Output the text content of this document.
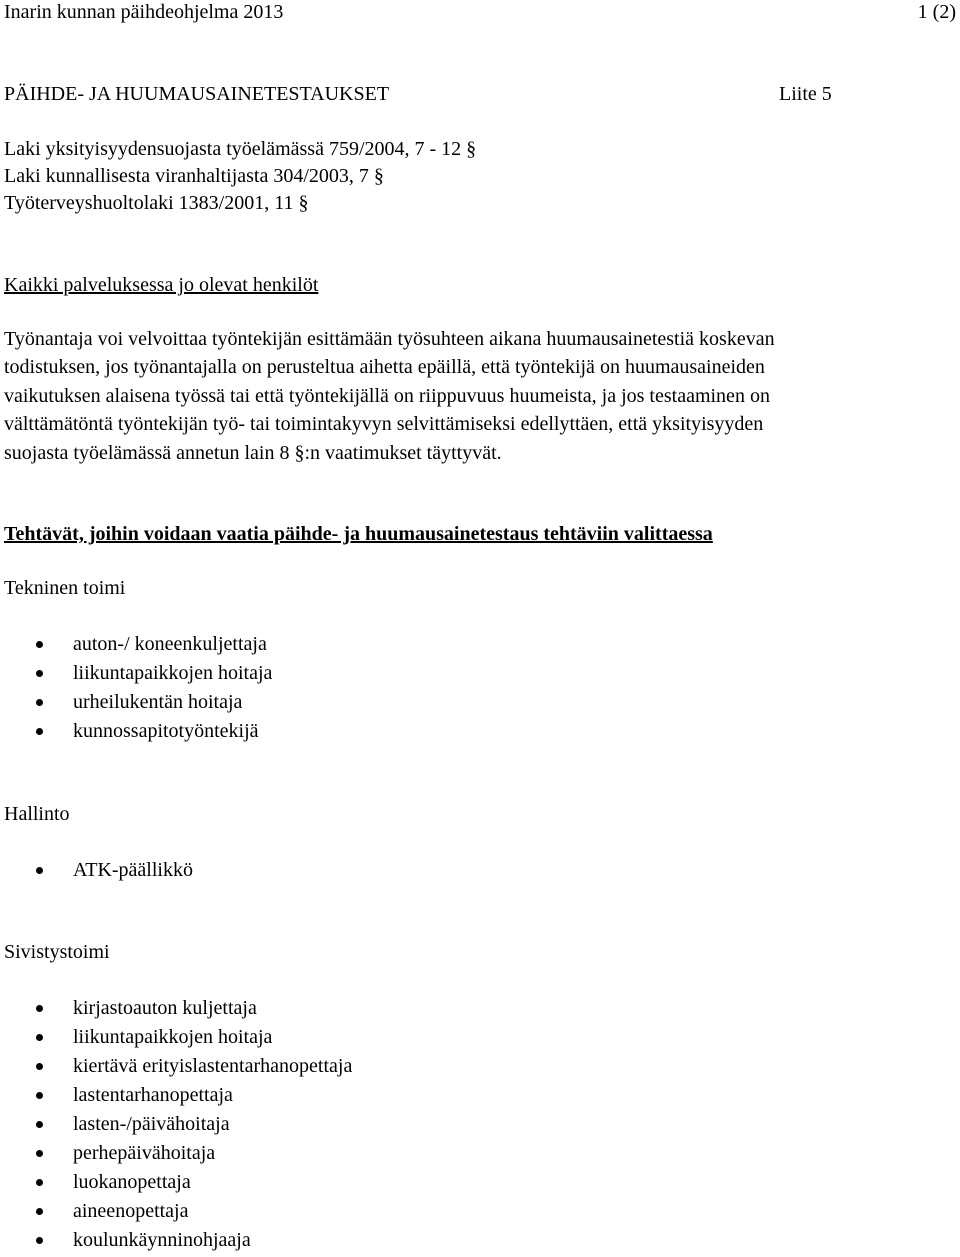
Inarin kunnan päihdeohjelma 2013	1 (2)
PÄIHDE- JA HUUMAUSAINETESTAUKSET	Liite 5
Laki yksityisyydensuojasta työelämässä 759/2004, 7 - 12 §
Laki kunnallisesta viranhaltijasta 304/2003, 7 §
Työterveyshuoltolaki 1383/2001, 11 §
Kaikki palveluksessa jo olevat henkilöt
Työnantaja voi velvoittaa työntekijän esittämään työsuhteen aikana huumausainetestiä koskevan
todistuksen, jos työnantajalla on perusteltua aihetta epäillä, että työntekijä on huumausaineiden
vaikutuksen alaisena työssä tai että työntekijällä on riippuvuus huumeista, ja jos testaaminen on
välttämätöntä työntekijän työ- tai toimintakyvyn selvittämiseksi edellyttäen, että yksityisyyden
suojasta työelämässä annetun lain 8 §:n vaatimukset täyttyvät.
Tehtävät, joihin voidaan vaatia päihde- ja huumausainetestaus tehtäviin valittaessa
Tekninen toimi
auton-/ koneenkuljettaja
liikuntapaikkojen hoitaja
urheilukentän hoitaja
kunnossapitotyöntekijä
Hallinto
ATK-päällikkö
Sivistystoimi
kirjastoauton kuljettaja
liikuntapaikkojen hoitaja
kiertävä erityislastentarhanopettaja
lastentarhanopettaja
lasten-/päivähoitaja
perhepäivähoitaja
luokanopettaja
aineenopettaja
koulunkäynninohjaaja
